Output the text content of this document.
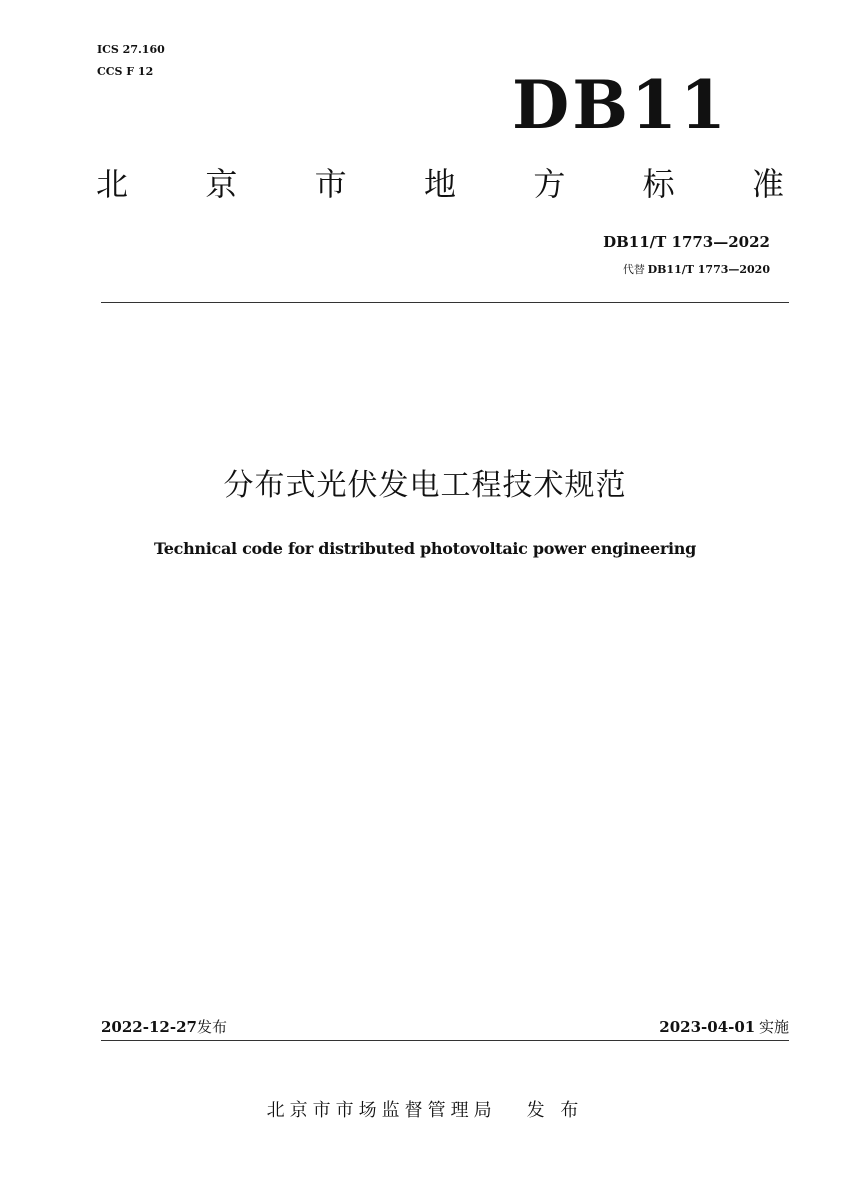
ICS 27.160
CCS F 12	DB11
北 京 市 地 方 标 准
DB11/T 1773—2022
代替 DB11/T 1773—2020
分布式光伏发电工程技术规范
Technical code for distributed photovoltaic power engineering
2022-12-27发布	2023-04-01 实施
北京市市场监督管理局 发 布
